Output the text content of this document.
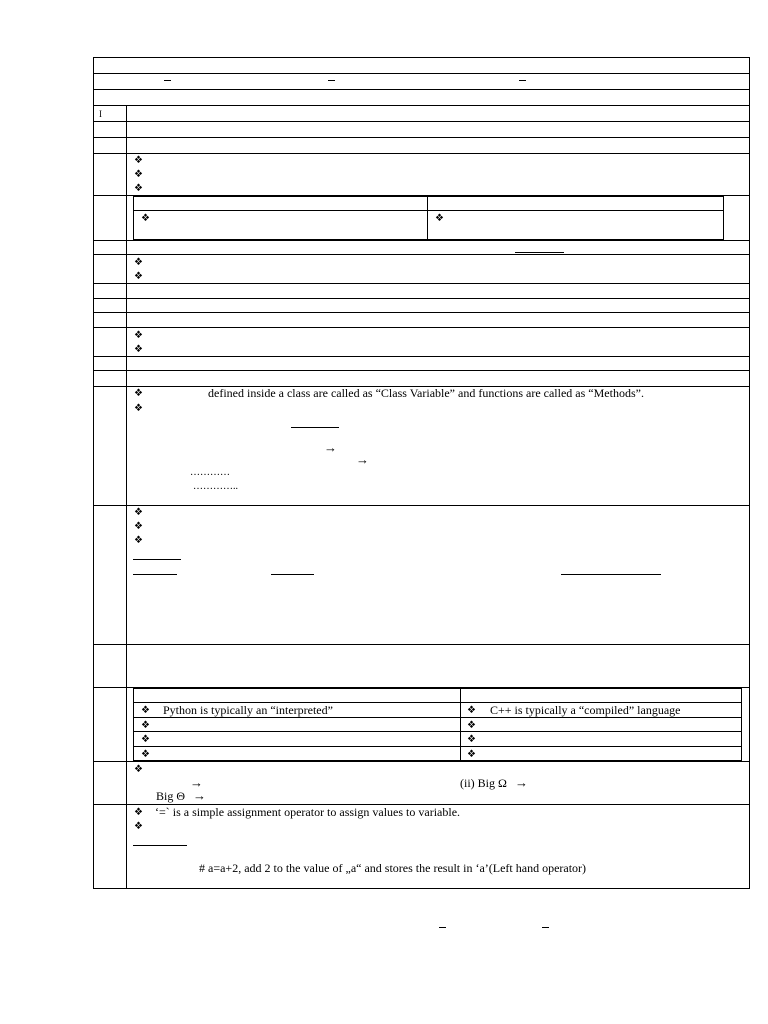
I
❖
❖
❖
❖	❖
❖
❖
❖
❖
❖	defined inside a class are called as “Class Variable” and functions are called as “Methods”.
❖
→
→
…………
…………..
❖
❖
❖
❖ Python is typically an “interpreted”	❖ C++ is typically a “compiled” language
❖	❖
❖	❖
❖	❖
❖
→	(ii) Big Ω →
Big Θ →
❖ ‘=` is a simple assignment operator to assign values to variable.
❖
# a=a+2, add 2 to the value of „a“ and stores the result in ‘a’(Left hand operator)
